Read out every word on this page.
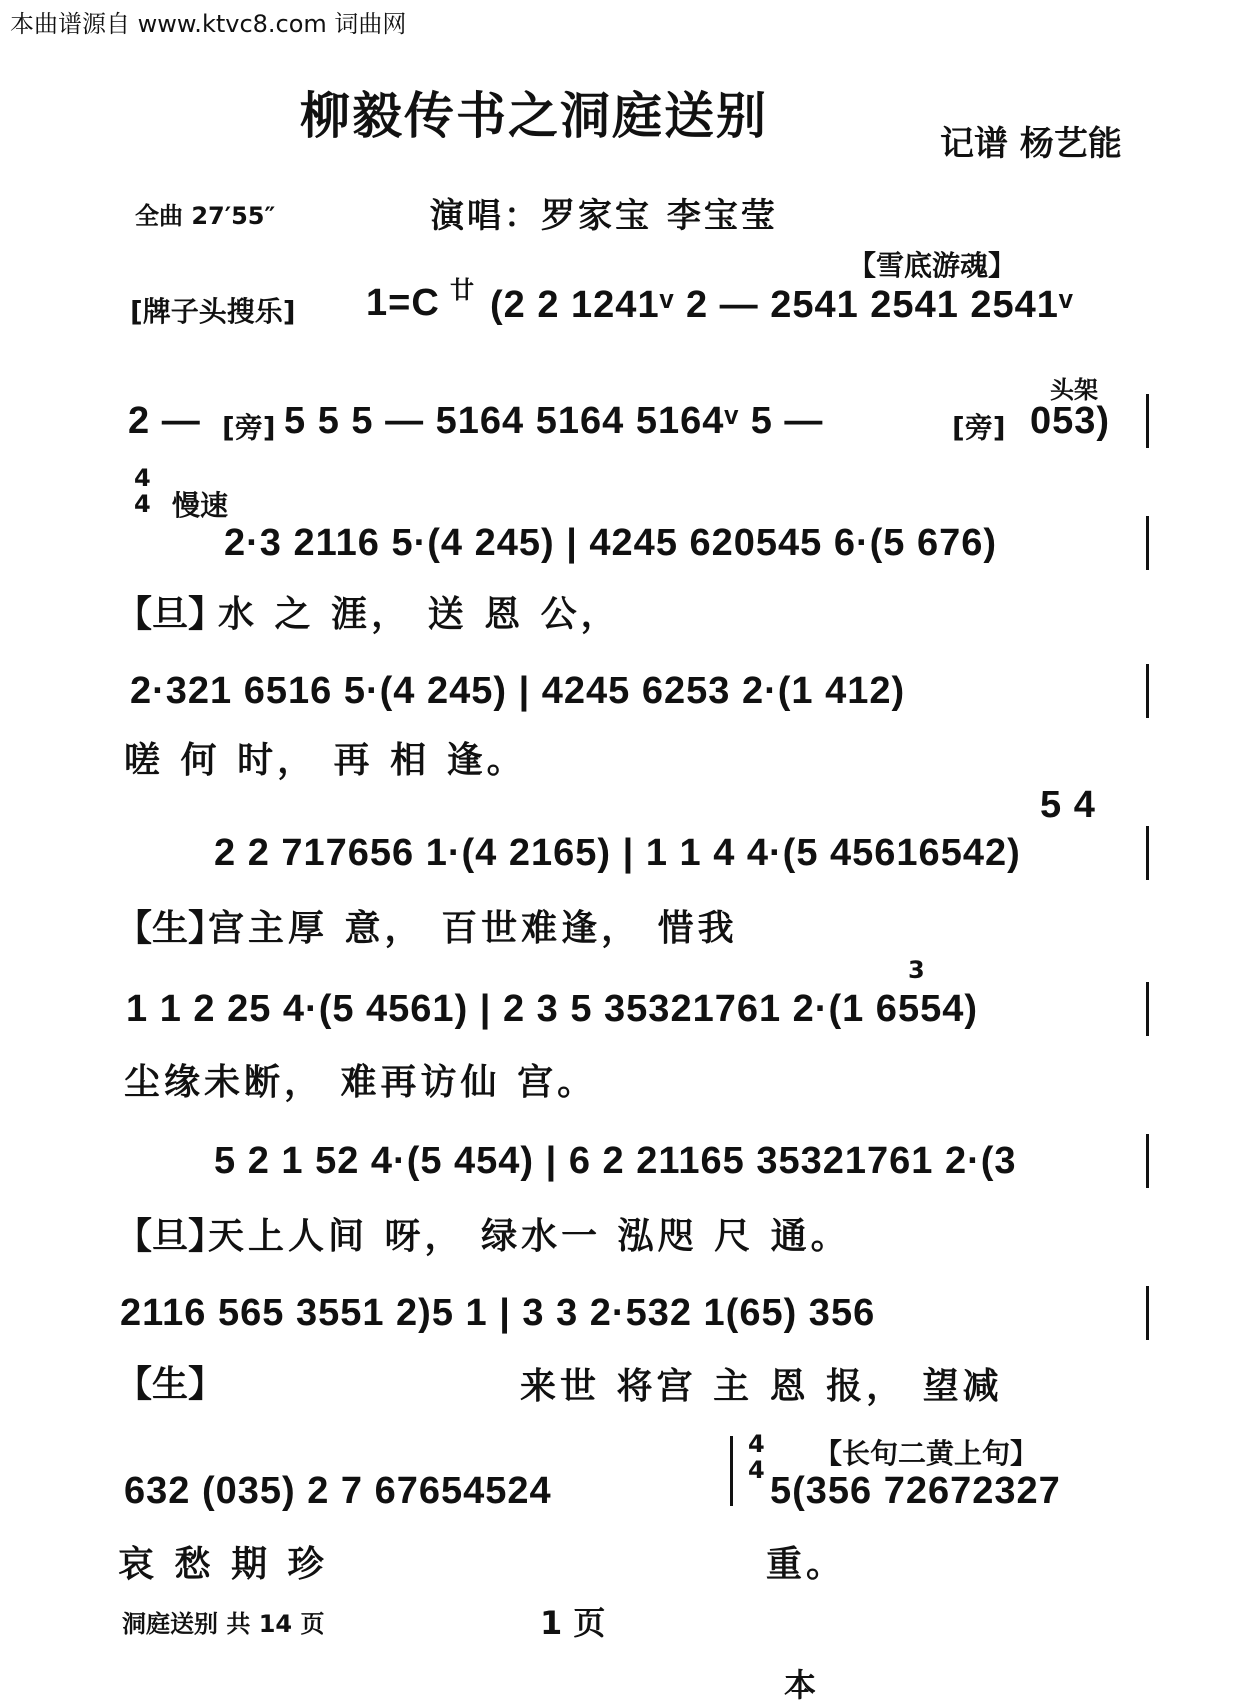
本曲谱源自 www.ktvc8.com 词曲网
柳毅传书之洞庭送别	记谱 杨艺能
全曲 27′55″	演唱：罗家宝 李宝莹
【雪底游魂】
[牌子头搜乐] 1=C 廿 (2 2 1241ᵛ 2 — 2541 2541 2541ᵛ
头架
2 — [旁] 5 5 5 — 5164 5164 5164ᵛ 5 —	[旁] 053)
4
4 慢速
2·3 2116 5·(4 245) | 4245 620545 6·(5 676)
【旦】
水 之 涯， 送 恩 公，
2·321 6516 5·(4 245) | 4245 6253 2·(1 412)
嗟 何 时， 再 相 逢。
5 4
2 2 717656 1·(4 2165) | 1 1 4 4·(5 45616542)
【生】
宫主厚 意， 百世难逢， 惜我
3
1 1 2 25 4·(5 4561) | 2 3 5 35321761 2·(1 6554)
尘缘未断， 难再访仙 宫。
5 2 1 52 4·(5 454) | 6 2 21165 35321761 2·(3
【旦】
天上人间 呀， 绿水一 泓咫 尺 通。
2116 565 3551 2)5 1 | 3 3 2·532 1(65) 356
【生】	来世 将宫 主 恩 报， 望减
【长句二黄上句】
632 (035) 2 7 67654524
4
4 5(356 72672327
哀 愁 期 珍	重。
洞庭送别 共 14 页	1 页
本
